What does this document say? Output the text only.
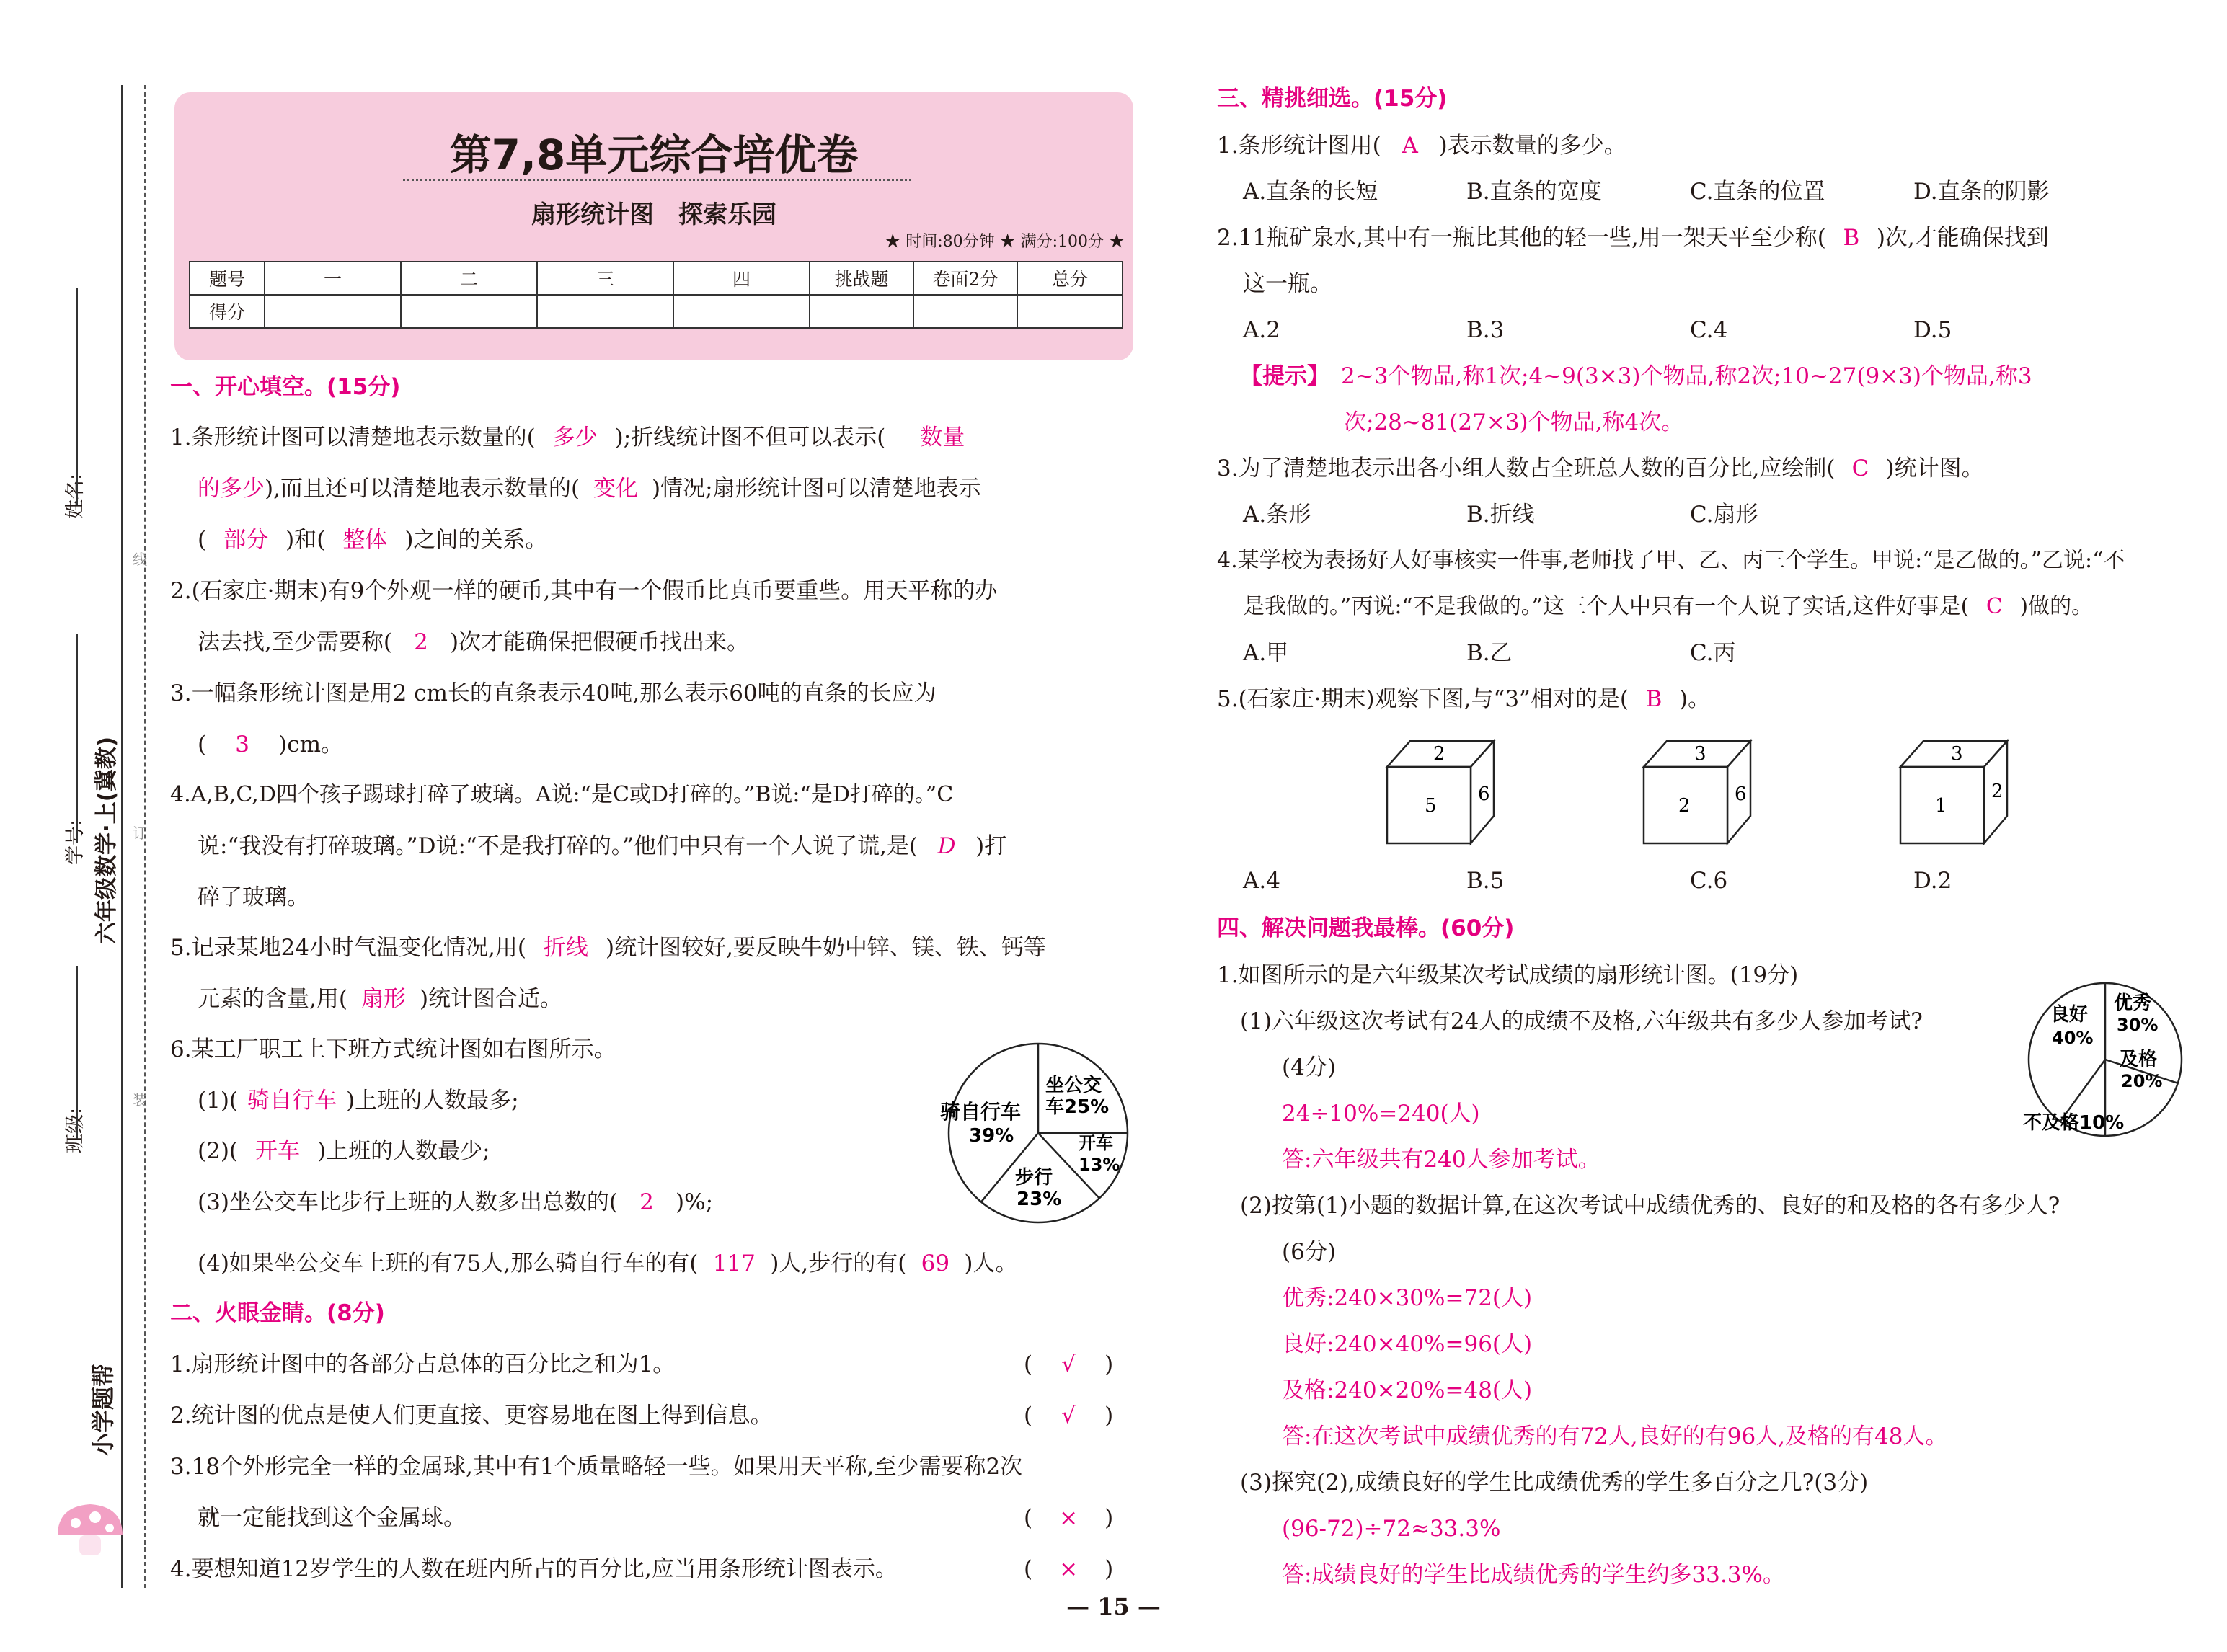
姓名:
六年级数学·上(冀教)
学号:
班级:
小学题帮
线
订
装
第7,8单元综合培优卷
扇形统计图　探索乐园
★ 时间:80分钟 ★ 满分:100分 ★
题号	一	二	三	四	挑战题	卷面2分	总分
得分							
一、开心填空。(15分)
1.条形统计图可以清楚地表示数量的( 多少 );折线统计图不但可以表示( 数量
的多少),而且还可以清楚地表示数量的( 变化 )情况;扇形统计图可以清楚地表示
( 部分 )和( 整体 )之间的关系。
2.(石家庄·期末)有9个外观一样的硬币,其中有一个假币比真币要重些。用天平称的办
法去找,至少需要称( 2 )次才能确保把假硬币找出来。
3.一幅条形统计图是用2 cm长的直条表示40吨,那么表示60吨的直条的长应为
( 3 )cm。
4.A,B,C,D四个孩子踢球打碎了玻璃。A说:“是C或D打碎的。”B说:“是D打碎的。”C
说:“我没有打碎玻璃。”D说:“不是我打碎的。”他们中只有一个人说了谎,是( D )打
碎了玻璃。
5.记录某地24小时气温变化情况,用( 折线 )统计图较好,要反映牛奶中锌、镁、铁、钙等
元素的含量,用( 扇形 )统计图合适。
6.某工厂职工上下班方式统计图如右图所示。
(1)( 骑自行车 )上班的人数最多;
(2)( 开车 )上班的人数最少;
(3)坐公交车比步行上班的人数多出总数的( 2 )%;
(4)如果坐公交车上班的有75人,那么骑自行车的有( 117 )人,步行的有( 69 )人。
坐公交
车25%
开车
13%
步行
23%
骑自行车
39%
二、火眼金睛。(8分)
1.扇形统计图中的各部分占总体的百分比之和为1。	( √ )
2.统计图的优点是使人们更直接、更容易地在图上得到信息。	( √ )
3.18个外形完全一样的金属球,其中有1个质量略轻一些。如果用天平称,至少需要称2次
就一定能找到这个金属球。	( × )
4.要想知道12岁学生的人数在班内所占的百分比,应当用条形统计图表示。	( × )
三、精挑细选。(15分)
1.条形统计图用( A )表示数量的多少。
A.直条的长短	B.直条的宽度	C.直条的位置	D.直条的阴影
2.11瓶矿泉水,其中有一瓶比其他的轻一些,用一架天平至少称( B )次,才能确保找到
这一瓶。
A.2	B.3	C.4	D.5
【提示】 2~3个物品,称1次;4~9(3×3)个物品,称2次;10~27(9×3)个物品,称3
次;28~81(27×3)个物品,称4次。
3.为了清楚地表示出各小组人数占全班总人数的百分比,应绘制( C )统计图。
A.条形	B.折线	C.扇形
4.某学校为表扬好人好事核实一件事,老师找了甲、乙、丙三个学生。甲说:“是乙做的。”乙说:“不
是我做的。”丙说:“不是我做的。”这三个人中只有一个人说了实话,这件好事是( C )做的。
A.甲	B.乙	C.丙
5.(石家庄·期末)观察下图,与“3”相对的是( B )。
2
5
6
3
2
6
3
1
2
A.4	B.5	C.6	D.2
四、解决问题我最棒。(60分)
1.如图所示的是六年级某次考试成绩的扇形统计图。(19分)
(1)六年级这次考试有24人的成绩不及格,六年级共有多少人参加考试?
(4分)
24÷10%=240(人)
答:六年级共有240人参加考试。
(2)按第(1)小题的数据计算,在这次考试中成绩优秀的、良好的和及格的各有多少人?
(6分)
优秀:240×30%=72(人)
良好:240×40%=96(人)
及格:240×20%=48(人)
答:在这次考试中成绩优秀的有72人,良好的有96人,及格的有48人。
(3)探究(2),成绩良好的学生比成绩优秀的学生多百分之几?(3分)
(96-72)÷72≈33.3%
答:成绩良好的学生比成绩优秀的学生约多33.3%。
优秀
30%
及格
20%
不及格10%
良好
40%
— 15 —
